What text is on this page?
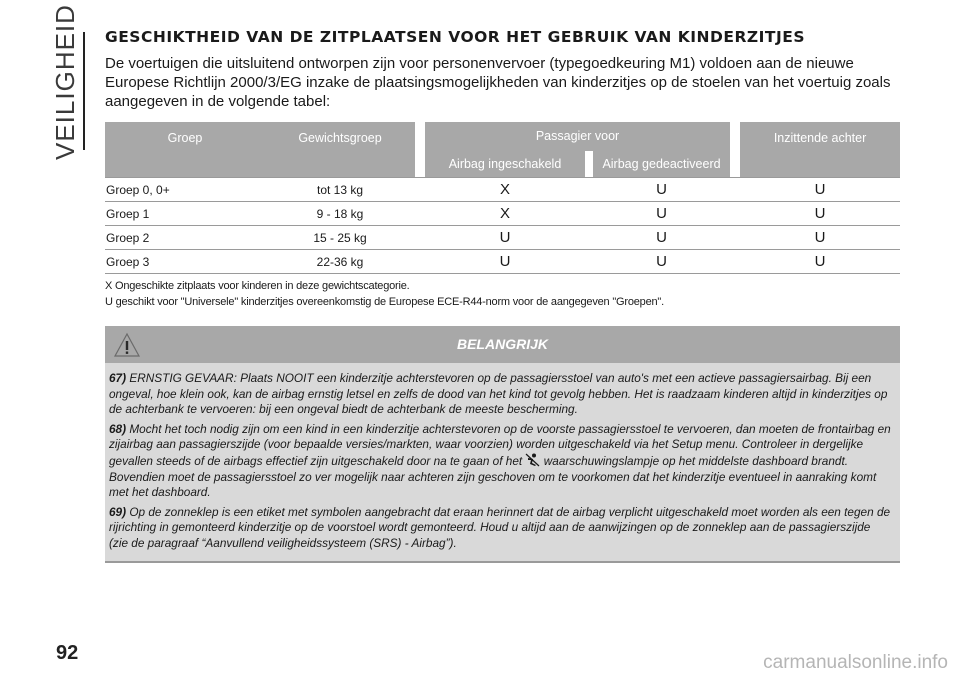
VEILIGHEID
92
GESCHIKTHEID VAN DE ZITPLAATSEN VOOR HET GEBRUIK VAN KINDERZITJES
De voertuigen die uitsluitend ontworpen zijn voor personenvervoer (typegoedkeuring M1) voldoen aan de nieuwe Europese Richtlijn 2000/3/EG inzake de plaatsingsmogelijkheden van kinderzitjes op de stoelen van het voertuig zoals aangegeven in de volgende tabel:
Groep	Gewichtsgroep		Passagier voor				Inzittende achter
			Airbag ingeschakeld		Airbag gedeactiveerd		
Groep 0, 0+	tot 13 kg		X		U		U
Groep 1	9 - 18 kg		X		U		U
Groep 2	15 - 25 kg		U		U		U
Groep 3	22-36 kg		U		U		U
X Ongeschikte zitplaats voor kinderen in deze gewichtscategorie.
U geschikt voor "Universele" kinderzitjes overeenkomstig de Europese ECE-R44-norm voor de aangegeven "Groepen".
BELANGRIJK

67) ERNSTIG GEVAAR: Plaats NOOIT een kinderzitje achterstevoren op de passagiersstoel van auto's met een actieve passagiersairbag. Bij een ongeval, hoe klein ook, kan de airbag ernstig letsel en zelfs de dood van het kind tot gevolg hebben. Het is raadzaam kinderen altijd in kinderzitjes op de achterbank te vervoeren: bij een ongeval biedt de achterbank de meeste bescherming.

68) Mocht het toch nodig zijn om een kind in een kinderzitje achterstevoren op de voorste passagiersstoel te vervoeren, dan moeten de frontairbag en zijairbag aan passagierszijde (voor bepaalde versies/markten, waar voorzien) worden uitgeschakeld via het Setup menu. Controleer in dergelijke gevallen steeds of de airbags effectief zijn uitgeschakeld door na te gaan of het waarschuwingslampje op het middelste dashboard brandt. Bovendien moet de passagiersstoel zo ver mogelijk naar achteren zijn geschoven om te voorkomen dat het kinderzitje eventueel in aanraking komt met het dashboard.

69) Op de zonneklep is een etiket met symbolen aangebracht dat eraan herinnert dat de airbag verplicht uitgeschakeld moet worden als een tegen de rijrichting in gemonteerd kinderzitje op de voorstoel wordt gemonteerd. Houd u altijd aan de aanwijzingen op de zonneklep aan de passagierszijde (zie de paragraaf “Aanvullend veiligheidssysteem (SRS) - Airbag”).

carmanualsonline.info
